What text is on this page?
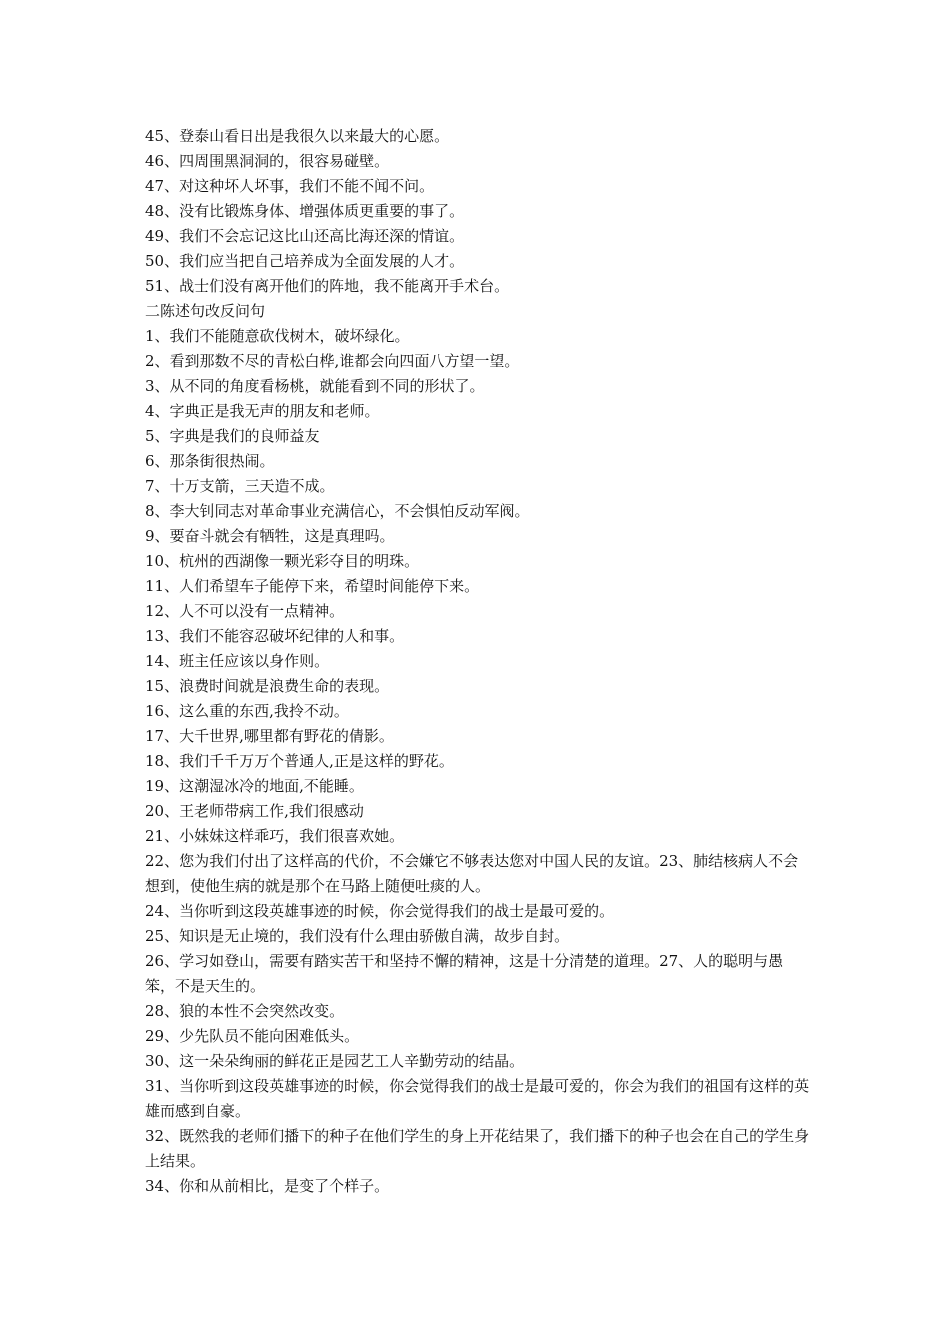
45、登泰山看日出是我很久以来最大的心愿。

46、四周围黑洞洞的，很容易碰壁。

47、对这种坏人坏事，我们不能不闻不问。

48、没有比锻炼身体、增强体质更重要的事了。

49、我们不会忘记这比山还高比海还深的情谊。

50、我们应当把自己培养成为全面发展的人才。

51、战士们没有离开他们的阵地，我不能离开手术台。

二陈述句改反问句

1、我们不能随意砍伐树木，破坏绿化。

2、看到那数不尽的青松白桦,谁都会向四面八方望一望。

3、从不同的角度看杨桃，就能看到不同的形状了。

4、字典正是我无声的朋友和老师。

5、字典是我们的良师益友

6、那条街很热闹。

7、十万支箭，三天造不成。

8、李大钊同志对革命事业充满信心，不会惧怕反动军阀。

9、要奋斗就会有牺牲，这是真理吗。

10、杭州的西湖像一颗光彩夺目的明珠。

11、人们希望车子能停下来，希望时间能停下来。

12、人不可以没有一点精神。

13、我们不能容忍破坏纪律的人和事。

14、班主任应该以身作则。

15、浪费时间就是浪费生命的表现。

16、这么重的东西,我拎不动。

17、大千世界,哪里都有野花的倩影。

18、我们千千万万个普通人,正是这样的野花。

19、这潮湿冰冷的地面,不能睡。

20、王老师带病工作,我们很感动

21、小妹妹这样乖巧，我们很喜欢她。

22、您为我们付出了这样高的代价，不会嫌它不够表达您对中国人民的友谊。23、肺结核病人不会想到，使他生病的就是那个在马路上随便吐痰的人。

24、当你听到这段英雄事迹的时候，你会觉得我们的战士是最可爱的。

25、知识是无止境的，我们没有什么理由骄傲自满，故步自封。

26、学习如登山，需要有踏实苦干和坚持不懈的精神，这是十分清楚的道理。27、人的聪明与愚笨，不是天生的。

28、狼的本性不会突然改变。

29、少先队员不能向困难低头。

30、这一朵朵绚丽的鲜花正是园艺工人辛勤劳动的结晶。

31、当你听到这段英雄事迹的时候，你会觉得我们的战士是最可爱的，你会为我们的祖国有这样的英雄而感到自豪。

32、既然我的老师们播下的种子在他们学生的身上开花结果了，我们播下的种子也会在自己的学生身上结果。

34、你和从前相比，是变了个样子。
